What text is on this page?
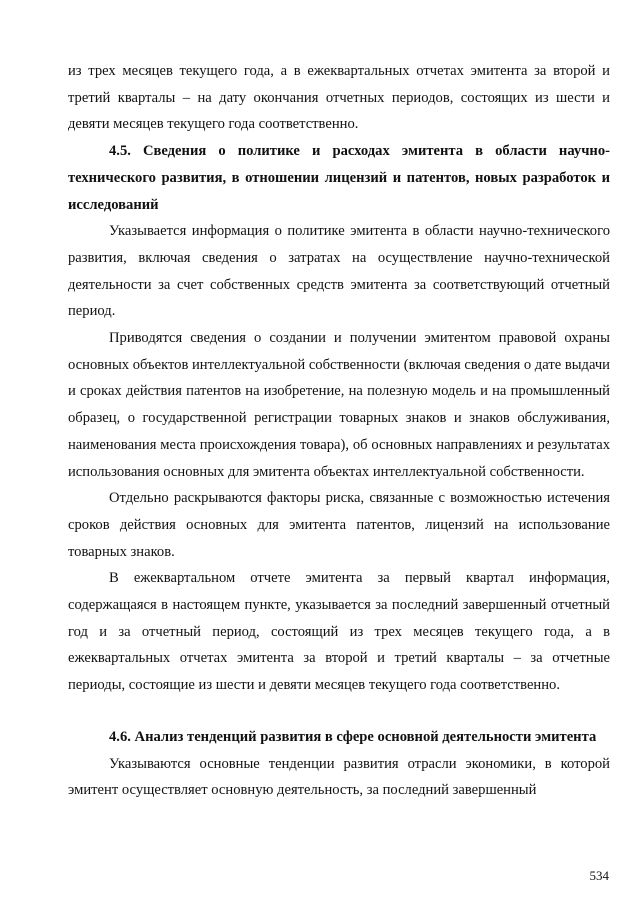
из трех месяцев текущего года, а в ежеквартальных отчетах эмитента за второй и третий кварталы – на дату окончания отчетных периодов, состоящих из шести и девяти месяцев текущего года соответственно.

4.5. Сведения о политике и расходах эмитента в области научно-технического развития, в отношении лицензий и патентов, новых разработок и исследований

Указывается информация о политике эмитента в области научно-технического развития, включая сведения о затратах на осуществление научно-технической деятельности за счет собственных средств эмитента за соответствующий отчетный период.

Приводятся сведения о создании и получении эмитентом правовой охраны основных объектов интеллектуальной собственности (включая сведения о дате выдачи и сроках действия патентов на изобретение, на полезную модель и на промышленный образец, о государственной регистрации товарных знаков и знаков обслуживания, наименования места происхождения товара), об основных направлениях и результатах использования основных для эмитента объектах интеллектуальной собственности.

Отдельно раскрываются факторы риска, связанные с возможностью истечения сроков действия основных для эмитента патентов, лицензий на использование товарных знаков.

В ежеквартальном отчете эмитента за первый квартал информация, содержащаяся в настоящем пункте, указывается за последний завершенный отчетный год и за отчетный период, состоящий из трех месяцев текущего года, а в ежеквартальных отчетах эмитента за второй и третий кварталы – за отчетные периоды, состоящие из шести и девяти месяцев текущего года соответственно.

4.6. Анализ тенденций развития в сфере основной деятельности эмитента

Указываются основные тенденции развития отрасли экономики, в которой эмитент осуществляет основную деятельность, за последний завершенный

534
